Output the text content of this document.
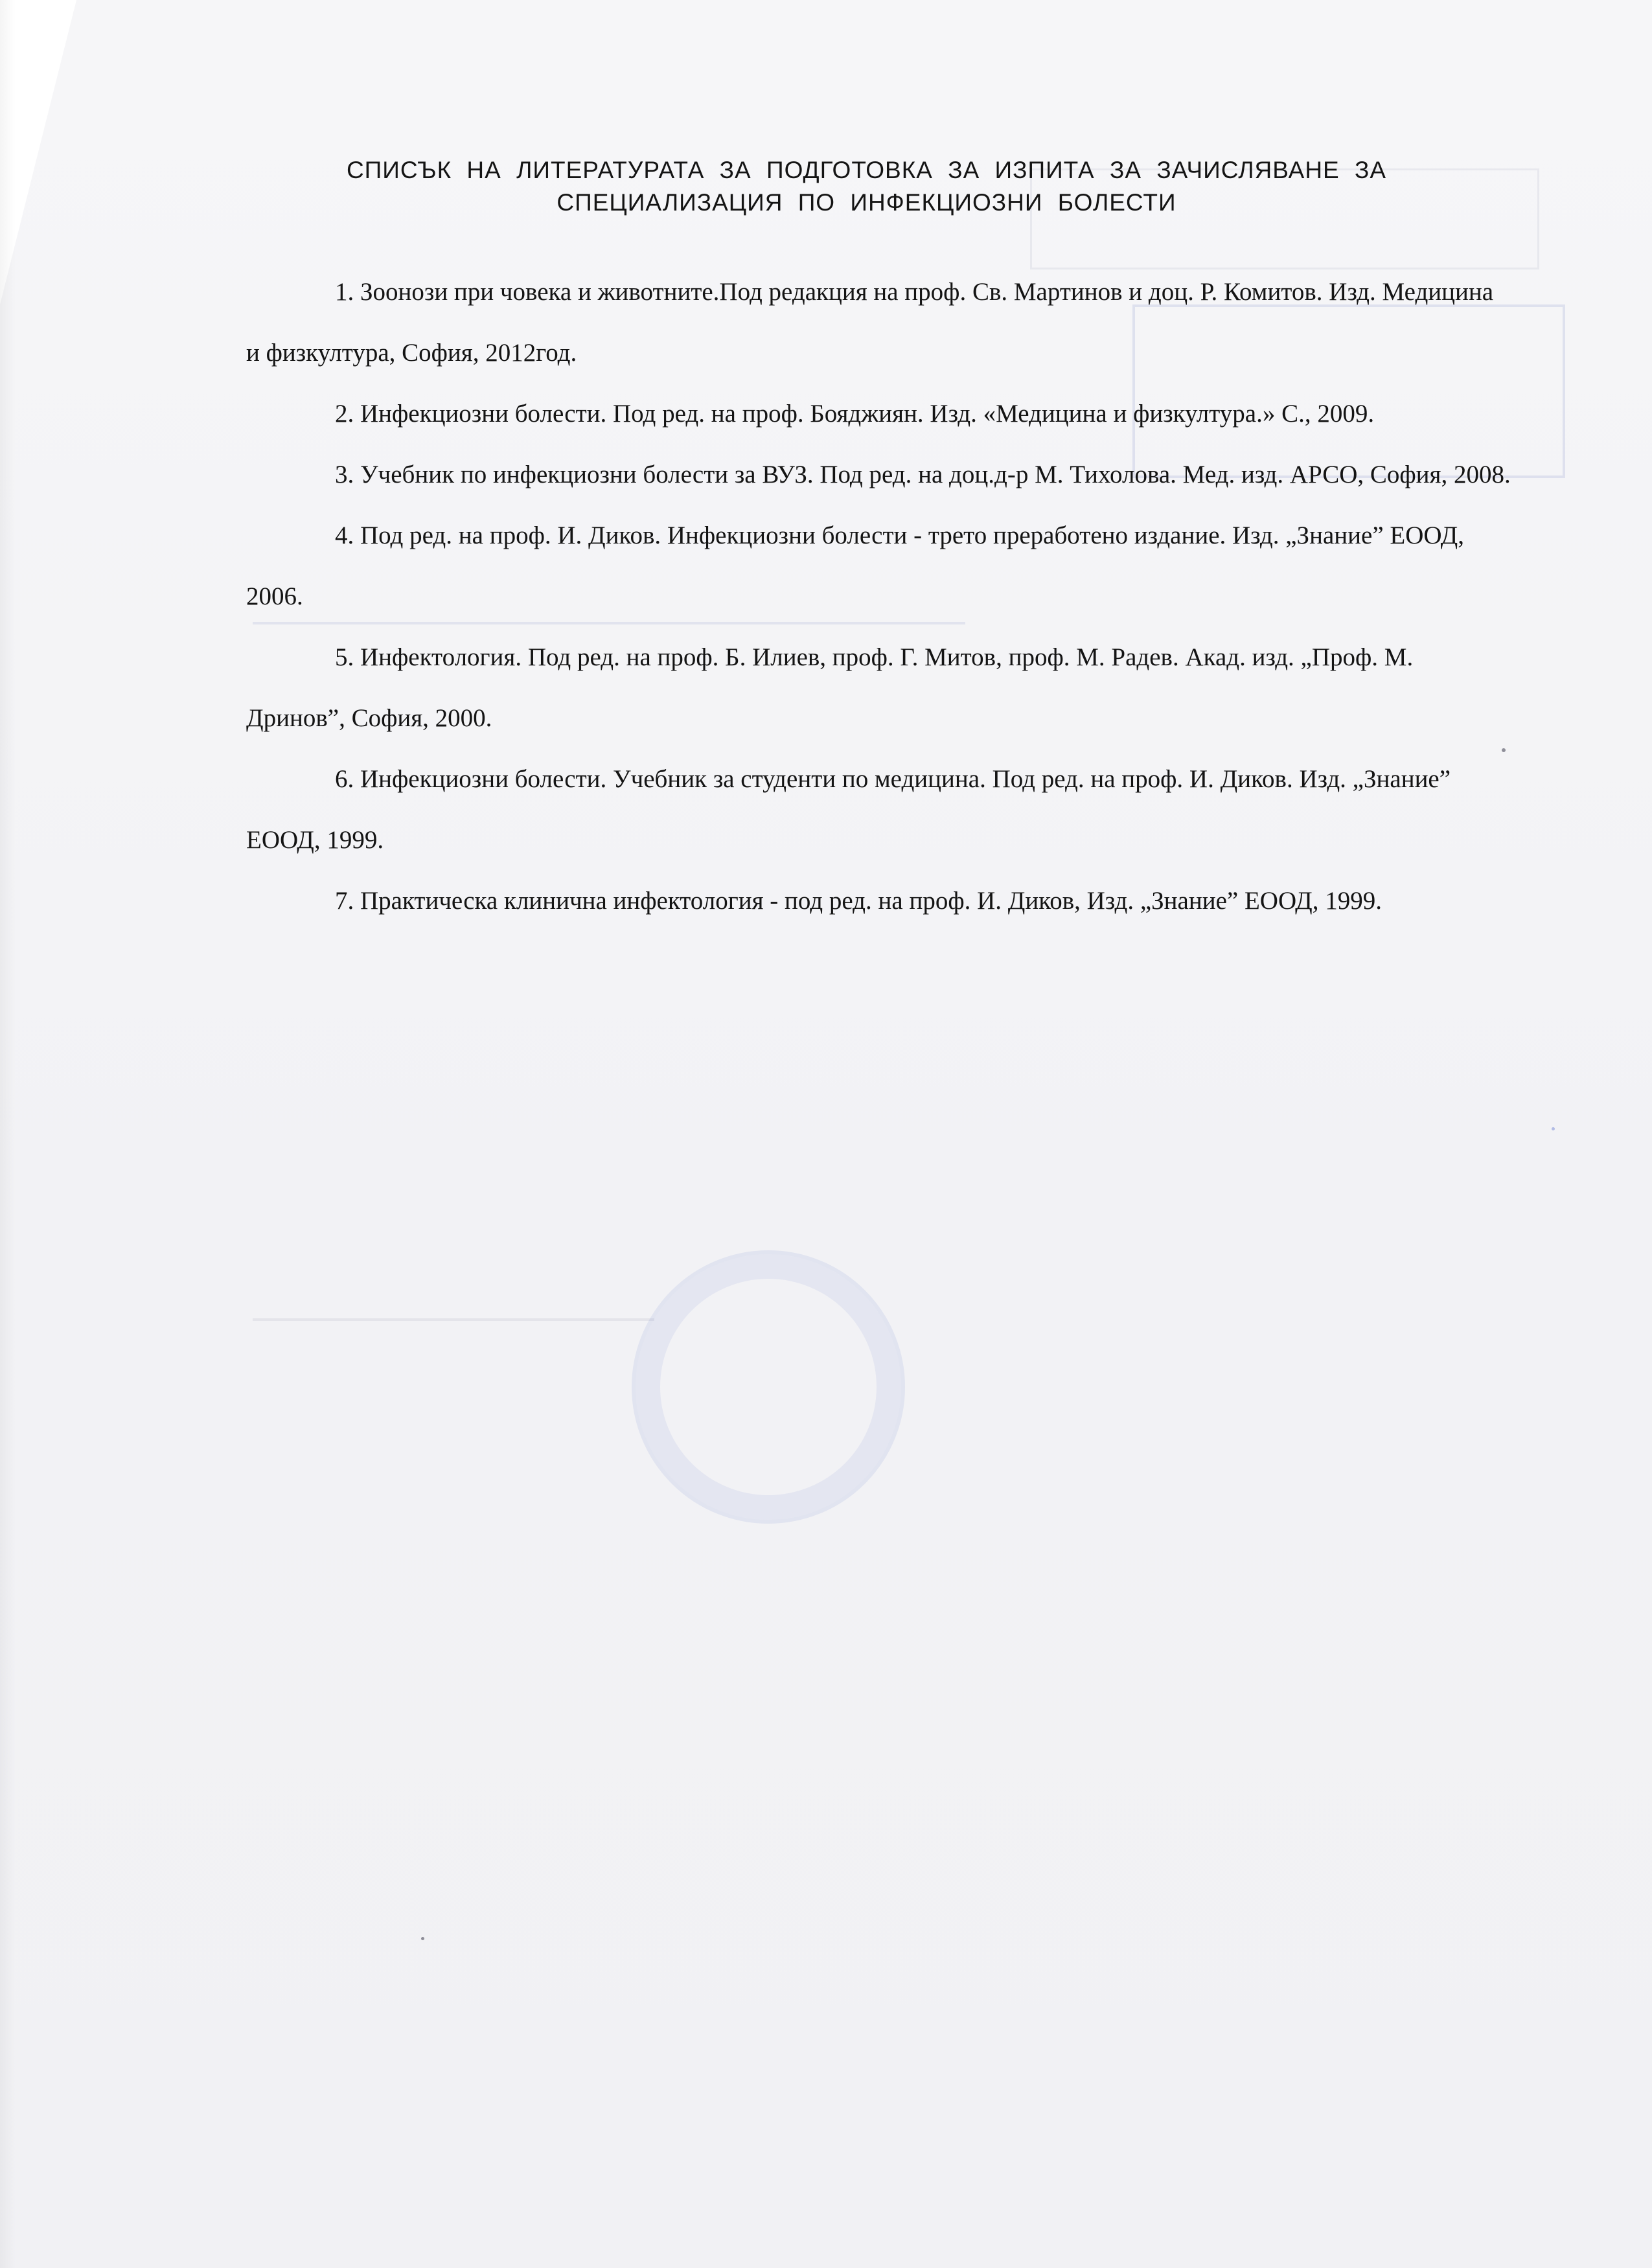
СПИСЪК НА ЛИТЕРАТУРАТА ЗА ПОДГОТОВКА ЗА ИЗПИТА ЗА ЗАЧИСЛЯВАНЕ ЗА
СПЕЦИАЛИЗАЦИЯ ПО ИНФЕКЦИОЗНИ БОЛЕСТИ
1. Зоонози при човека и животните.Под редакция на проф. Св. Мартинов и доц. Р. Комитов. Изд. Медицина и физкултура, София, 2012год.
2. Инфекциозни болести. Под ред. на проф. Бояджиян. Изд. «Медицина и физкултура.» С., 2009.
3. Учебник по инфекциозни болести за ВУЗ. Под ред. на доц.д-р М. Тихолова. Мед. изд. АРСО, София, 2008.
4. Под ред. на проф. И. Диков. Инфекциозни болести - трето преработено издание. Изд. „Знание” ЕООД, 2006.
5. Инфектология. Под ред. на проф. Б. Илиев, проф. Г. Митов, проф. М. Радев. Акад. изд. „Проф. М. Дринов”, София, 2000.
6. Инфекциозни болести. Учебник за студенти по медицина. Под ред. на проф. И. Диков. Изд. „Знание” ЕООД, 1999.
7. Практическа клинична инфектология - под ред. на проф. И. Диков, Изд. „Знание” ЕООД, 1999.
